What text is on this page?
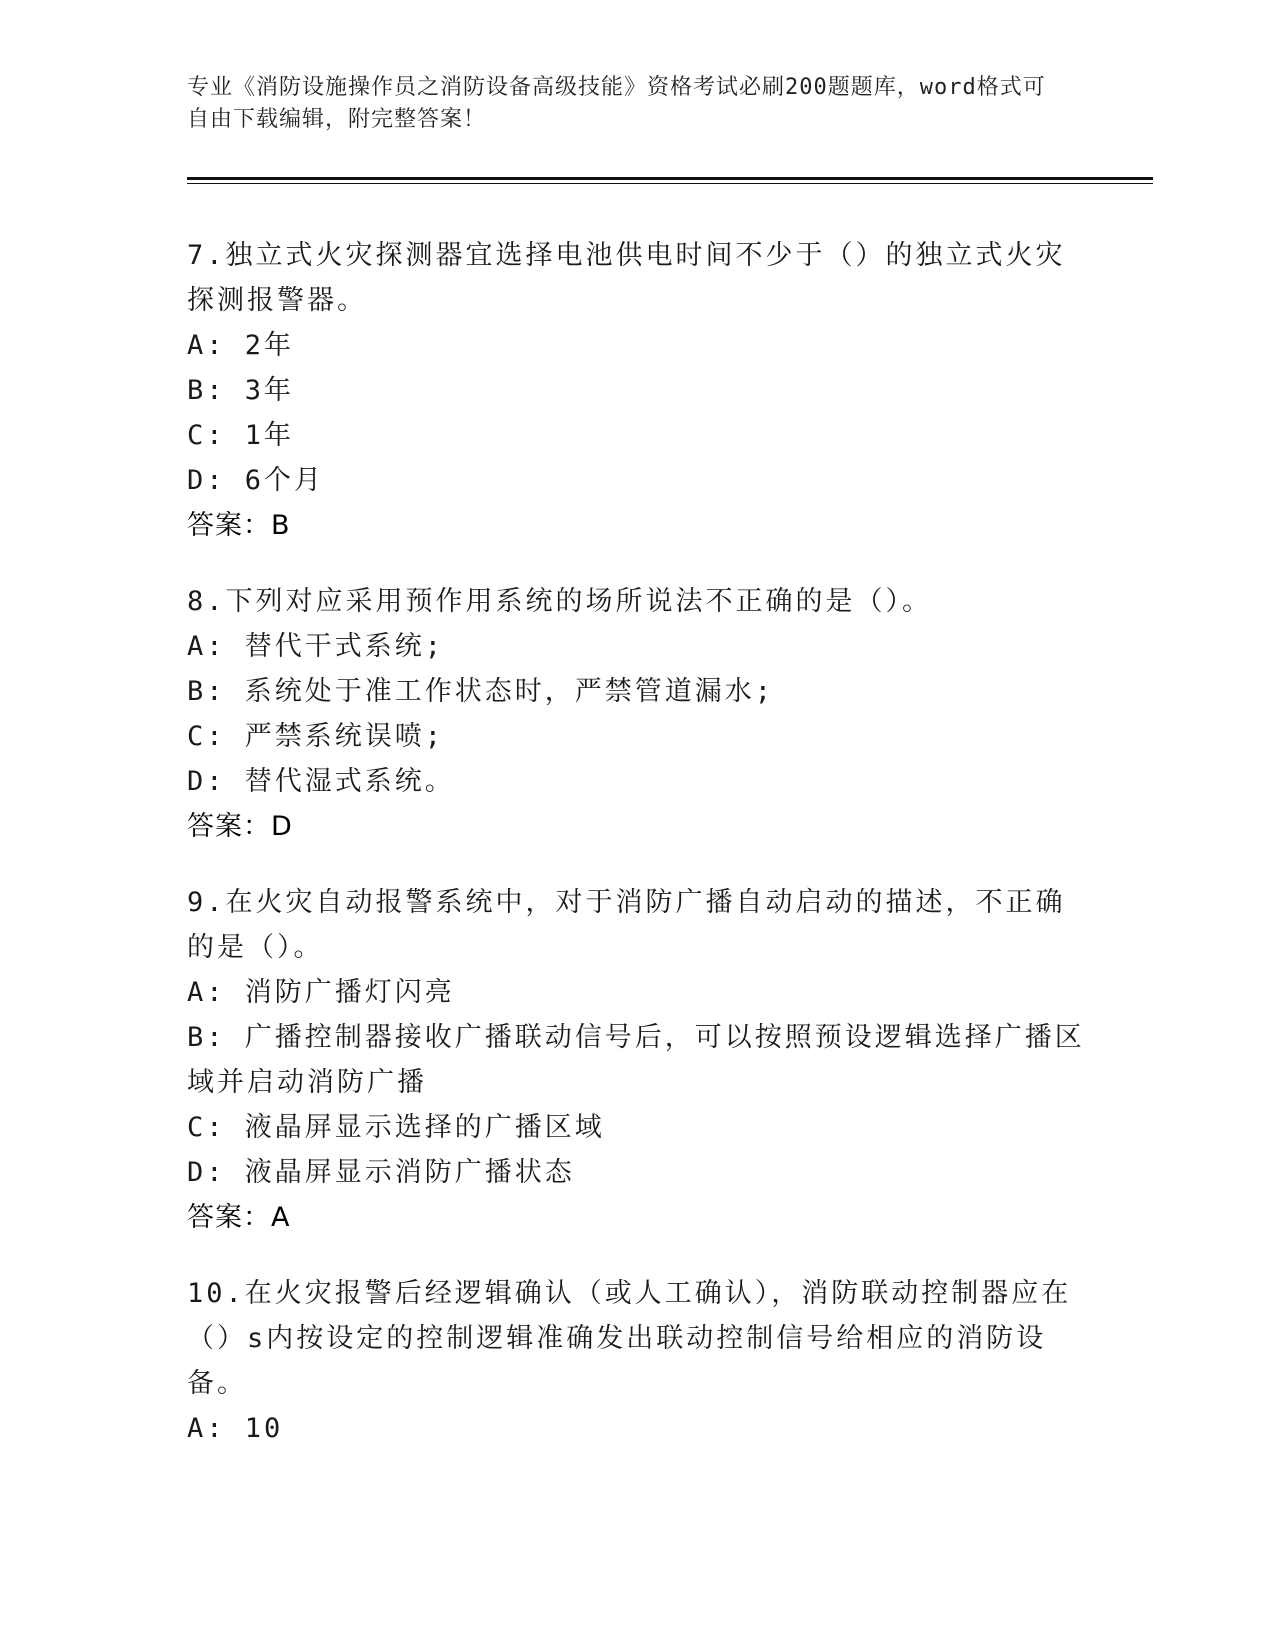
专业《消防设施操作员之消防设备高级技能》资格考试必刷200题题库，word格式可自由下载编辑，附完整答案！
7.独立式火灾探测器宜选择电池供电时间不少于（）的独立式火灾探测报警器。
A: 2年
B: 3年
C: 1年
D: 6个月
答案：B
8.下列对应采用预作用系统的场所说法不正确的是（）。
A: 替代干式系统;
B: 系统处于准工作状态时，严禁管道漏水;
C: 严禁系统误喷;
D: 替代湿式系统。
答案：D
9.在火灾自动报警系统中，对于消防广播自动启动的描述，不正确的是（）。
A: 消防广播灯闪亮
B: 广播控制器接收广播联动信号后，可以按照预设逻辑选择广播区域并启动消防广播
C: 液晶屏显示选择的广播区域
D: 液晶屏显示消防广播状态
答案：A
10.在火灾报警后经逻辑确认（或人工确认），消防联动控制器应在（）s内按设定的控制逻辑准确发出联动控制信号给相应的消防设备。
A: 10
